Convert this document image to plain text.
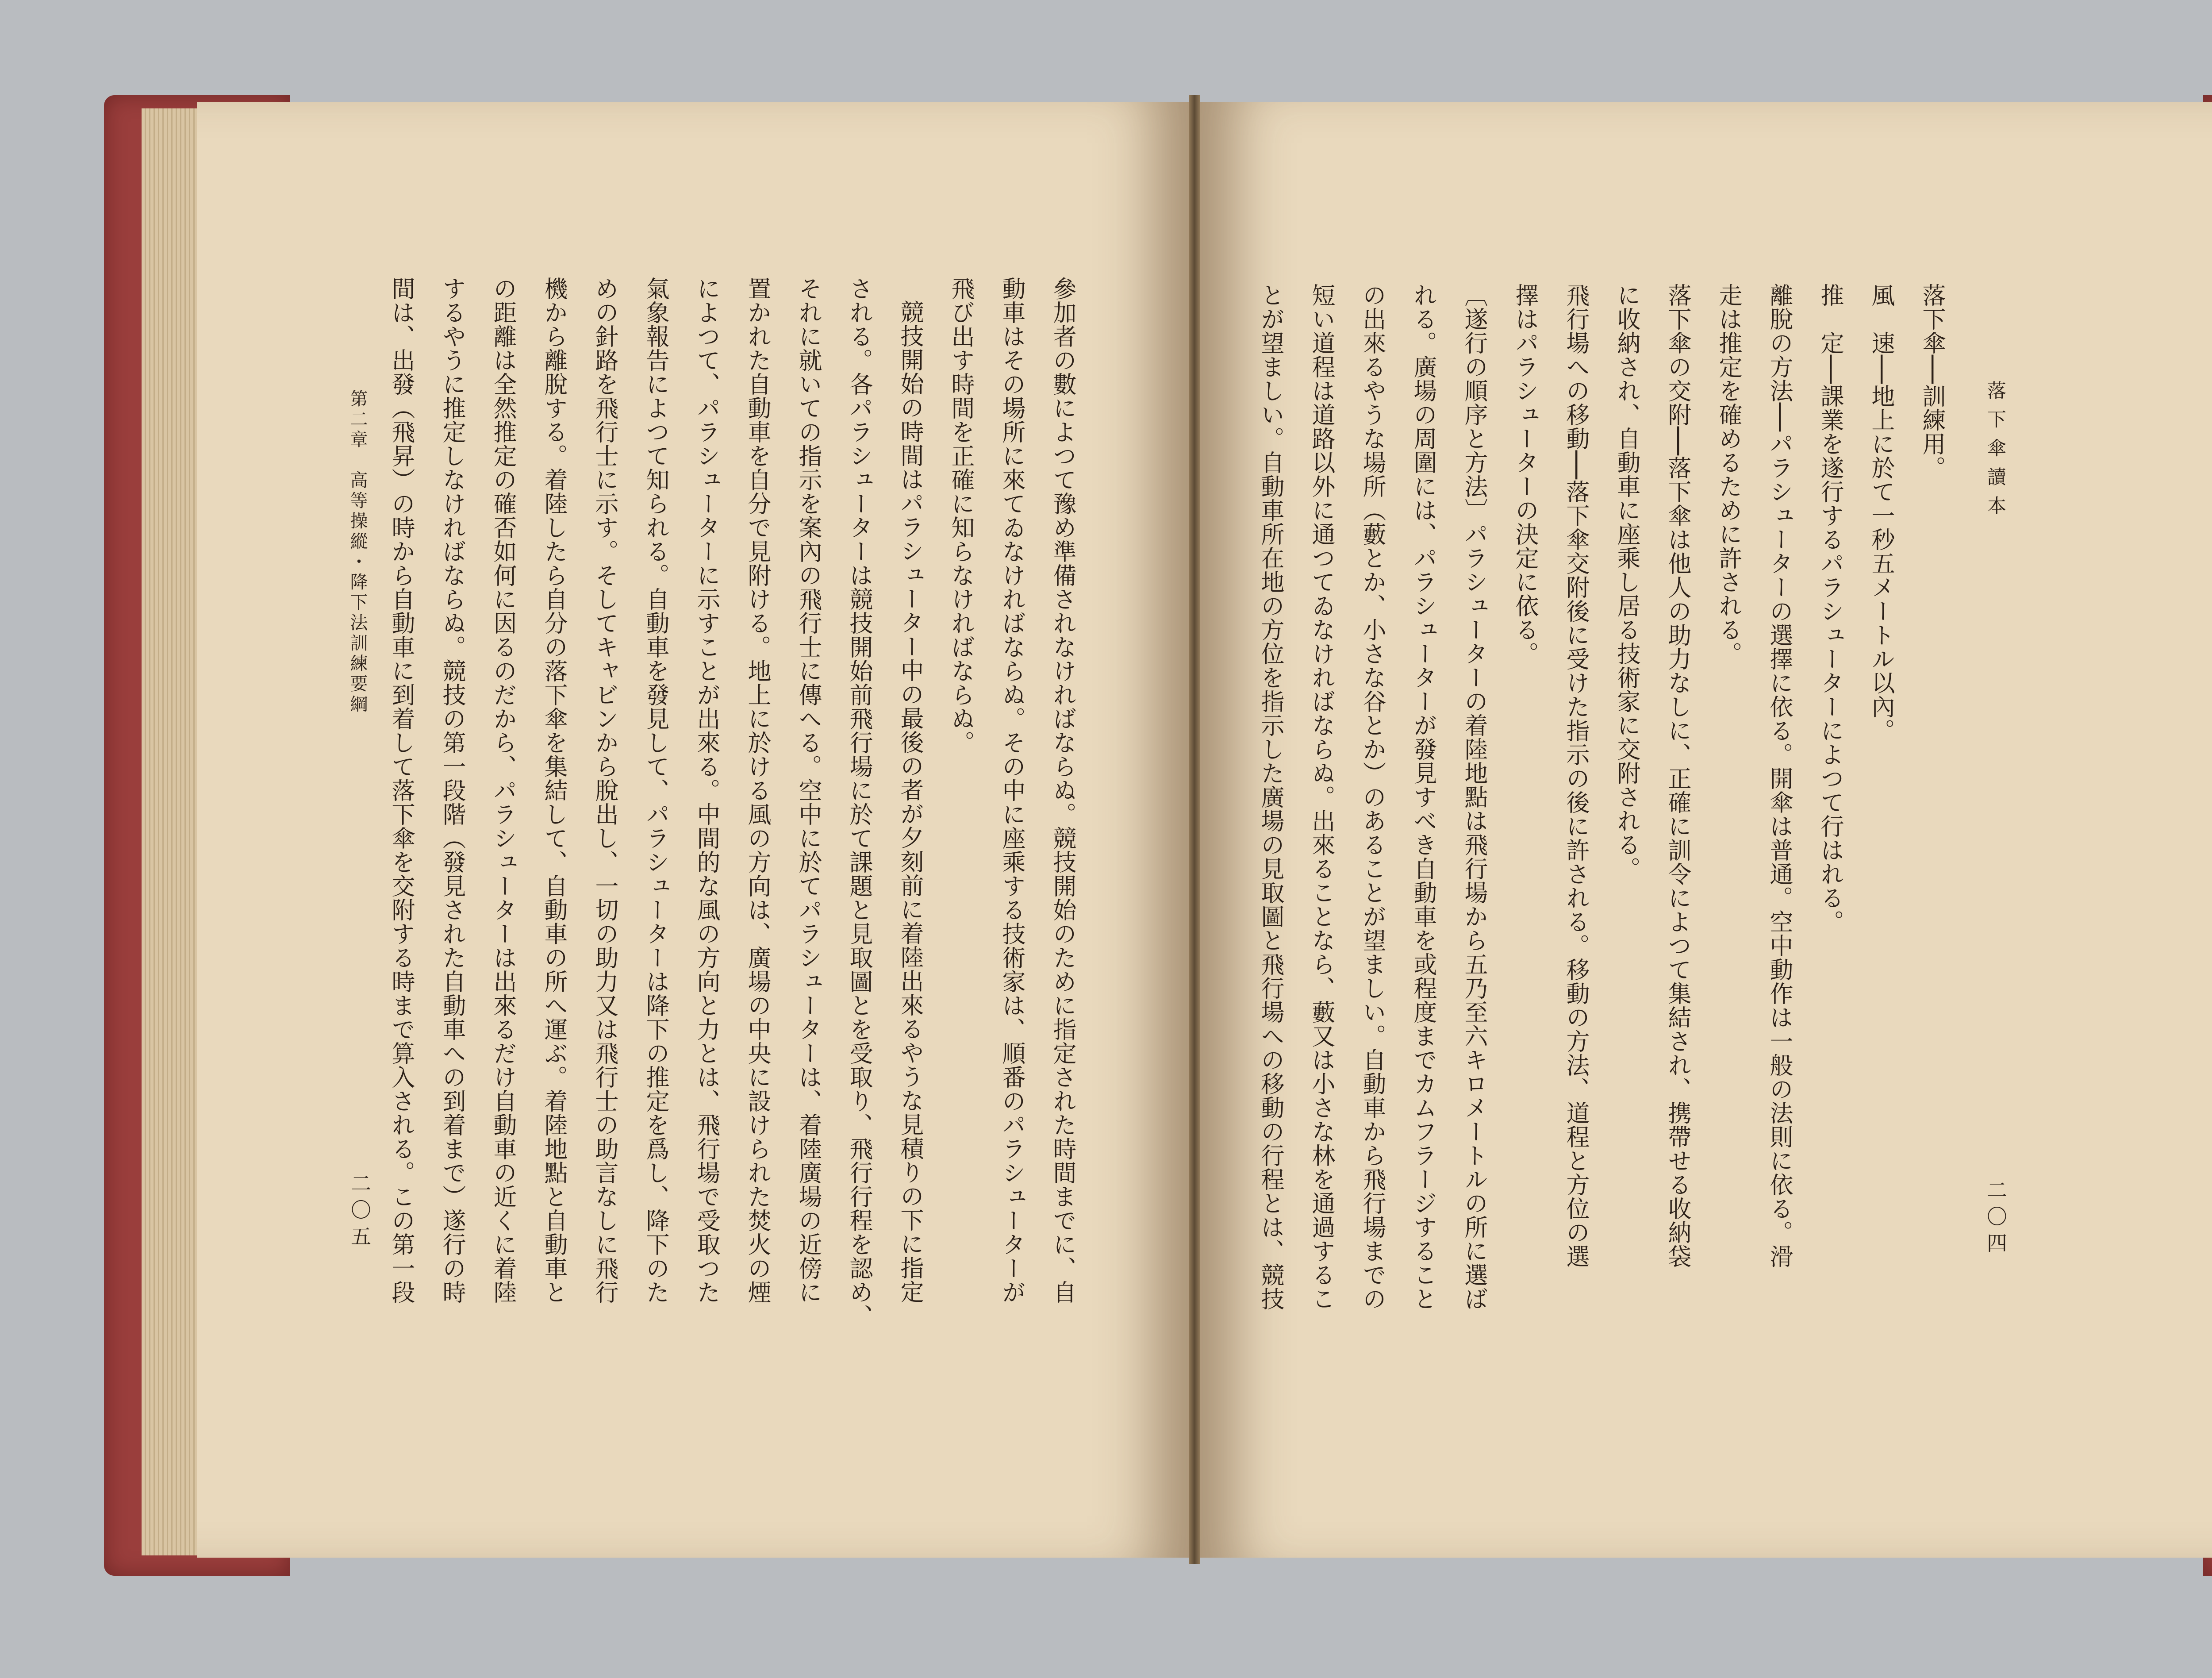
落下傘讀本

落下傘──訓練用。

風　速──地上に於て一秒五メートル以內。

推　定──課業を遂行するパラシューターによつて行はれる。

離脫の方法──パラシューターの選擇に依る。開傘は普通。空中動作は一般の法則に依る。滑

走は推定を確めるために許される。

落下傘の交附──落下傘は他人の助力なしに、正確に訓令によつて集結され、携帶せる收納袋

に收納され、自動車に座乘し居る技術家に交附される。

飛行場への移動──落下傘交附後に受けた指示の後に許される。移動の方法、道程と方位の選

擇はパラシューターの決定に依る。

〔遂行の順序と方法〕パラシューターの着陸地點は飛行場から五乃至六キロメートルの所に選ば

れる。廣場の周圍には、パラシューターが發見すべき自動車を或程度までカムフラージすること

の出來るやうな場所（藪とか、小さな谷とか）のあることが望ましい。自動車から飛行場までの

短い道程は道路以外に通つてゐなければならぬ。出來ることなら、藪又は小さな林を通過するこ

とが望ましい。自動車所在地の方位を指示した廣場の見取圖と飛行場への移動の行程とは、競技	二〇四

參加者の數によつて豫め準備されなければならぬ。競技開始のために指定された時間までに、自

動車はその場所に來てゐなければならぬ。その中に座乘する技術家は、順番のパラシューターが

飛び出す時間を正確に知らなければならぬ。

競技開始の時間はパラシューター中の最後の者が夕刻前に着陸出來るやうな見積りの下に指定

される。各パラシューターは競技開始前飛行場に於て課題と見取圖とを受取り、飛行行程を認め、

それに就いての指示を案內の飛行士に傳へる。空中に於てパラシューターは、着陸廣場の近傍に

置かれた自動車を自分で見附ける。地上に於ける風の方向は、廣場の中央に設けられた焚火の煙

によつて、パラシューターに示すことが出來る。中間的な風の方向と力とは、飛行場で受取つた

氣象報告によつて知られる。自動車を發見して、パラシューターは降下の推定を爲し、降下のた

めの針路を飛行士に示す。そしてキャビンから脫出し、一切の助力又は飛行士の助言なしに飛行

機から離脫する。着陸したら自分の落下傘を集結して、自動車の所へ運ぶ。着陸地點と自動車と

の距離は全然推定の確否如何に因るのだから、パラシューターは出來るだけ自動車の近くに着陸

するやうに推定しなければならぬ。競技の第一段階（發見された自動車への到着まで）遂行の時

間は、出發（飛昇）の時から自動車に到着して落下傘を交附する時まで算入される。この第一段

第二章　高等操縱・降下法訓練要綱
二〇五
